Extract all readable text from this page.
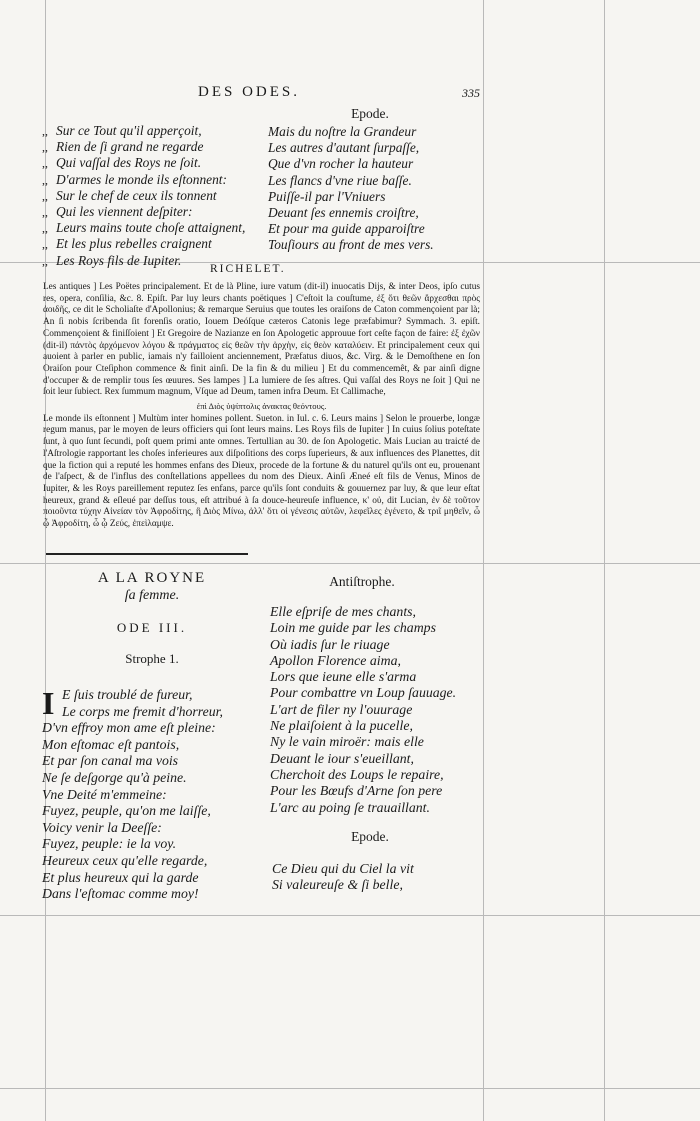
DES ODES.	335
,, Sur ce Tout qu'il apperçoit,
,, Rien de ſi grand ne regarde
,, Qui vaſſal des Roys ne ſoit.
,, D'armes le monde ils eſtonnent:
,, Sur le chef de ceux ils tonnent
,, Qui les viennent deſpiter:
,, Leurs mains toute choſe attaignent,
,, Et les plus rebelles craignent
,, Les Roys fils de Iupiter.
Epode.
Mais du noſtre la Grandeur
Les autres d'autant ſurpaſſe,
Que d'vn rocher la hauteur
Les flancs d'vne riue baſſe.
Puiſſe-il par l'Vniuers
Deuant ſes ennemis croiſtre,
Et pour ma guide apparoiſtre
Touſiours au front de mes vers.
RICHELET.

Les antiques ] Les Poëtes principalement. Et de là Pline, iure vatum (dit-il) inuocatis Dijs, & inter Deos, ipſo cutus res, opera, conſilia, &c. 8. Epiſt. Par luy leurs chants poëtiques ] C'eſtoit la couſtume, ἐξ ὅτι θεῶν ἄρχεσθαι πρὸς ἀοιδῆς, ce dit le Scholiaſte d'Apollonius; & remarque Seruius que toutes les oraiſons de Caton commençoient par là; An ſi nobis ſcribenda ſit forenſis oratio, Iouem Deóſque cæteros Catonis lege præfabimur? Symmach. 3. epiſt. Commençoient & finiſſoient ] Et Gregoire de Nazianze en ſon Apologetic approuue fort ceſte façon de faire: ἐξ ἐχῶν (dit-il) πάντὸς ἀρχόμενον λόγου & πράγματος εἰς θεῶν τὴν ἀρχὴν, εἰς θεὸν καταλύειν. Et principalement ceux qui auoient à parler en public, iamais n'y failloient anciennement, Præfatus diuos, &c. Virg. & le Demoſthene en ſon Oraiſon pour Cteſiphon commence & finit ainſi. De la fin & du milieu ] Et du commencemêt, & par ainſi digne d'occuper & de remplir tous ſes œuures. Ses lampes ] La lumiere de ſes aſtres. Qui vaſſal des Roys ne ſoit ] Qui ne ſoit leur ſubiect. Rex ſummum magnum, Vſque ad Deum, tamen infra Deum. Et Callimache,

ἐπὶ Διὸς ὑψίπτολις ἀνακτας θεόντους.

Le monde ils eſtonnent ] Multùm inter homines pollent. Sueton. in Iul. c. 6. Leurs mains ] Selon le prouerbe, longæ regum manus, par le moyen de leurs officiers qui ſont leurs mains. Les Roys fils de Iupiter ] In cuius ſolius poteſtate ſunt, à quo ſunt ſecundi, poſt quem primi ante omnes. Tertullian au 30. de ſon Apologetic. Mais Lucian au traicté de l'Aſtrologie rapportant les choſes inferieures aux diſpoſitions des corps ſuperieurs, & aux influences des Planettes, dit que la fiction qui a reputé les hommes enfans des Dieux, procede de la fortune & du naturel qu'ils ont eu, prouenant de l'aſpect, & de l'influs des conſtellations appellees du nom des Dieux. Ainſi Æneé eſt fils de Venus, Minos de Iupiter, & les Roys pareillement reputez ſes enfans, parce qu'ils ſont conduits & gouuernez par luy, & que leur eſtat heureux, grand & eſleué par deſſus tous, eſt attribué à ſa douce-heureuſe influence, κ' οὐ, dit Lucian, ἐν δὲ τοῦτον ποιοῦντα τύχην Αἰνείαν τὸν Ἀφροδίτης, ἢ Διὸς Μίνω, ἀλλ' ὅτι οἱ γένεσις αὐτῶν, λεφεῖλες ἐγένετο, & τριῖ μηθεῖν, ὦ ᾧ Ἀφροδίτη, ὦ ᾧ Ζεύς, ἐπεὶλαμψε.

A LA ROYNE
ſa femme.
ODE III.
Strophe 1.
I E ſuis troublé de fureur,
Le corps me fremit d'horreur,
D'vn effroy mon ame eſt pleine:
Mon eſtomac eſt pantois,
Et par ſon canal ma vois
Ne ſe deſgorge qu'à peine.
Vne Deité m'emmeine:
Fuyez, peuple, qu'on me laiſſe,
Voicy venir la Deeſſe:
Fuyez, peuple: ie la voy.
Heureux ceux qu'elle regarde,
Et plus heureux qui la garde
Dans l'eſtomac comme moy!
Antiſtrophe.
Elle eſpriſe de mes chants,
Loin me guide par les champs
Où iadis ſur le riuage
Apollon Florence aima,
Lors que ieune elle s'arma
Pour combattre vn Loup ſauuage.
L'art de filer ny l'ouurage
Ne plaiſoient à la pucelle,
Ny le vain miroër: mais elle
Deuant le iour s'eueillant,
Cherchoit des Loups le repaire,
Pour les Bœufs d'Arne ſon pere
L'arc au poing ſe trauaillant.
Epode.
Ce Dieu qui du Ciel la vit
Si valeureuſe & ſi belle,
